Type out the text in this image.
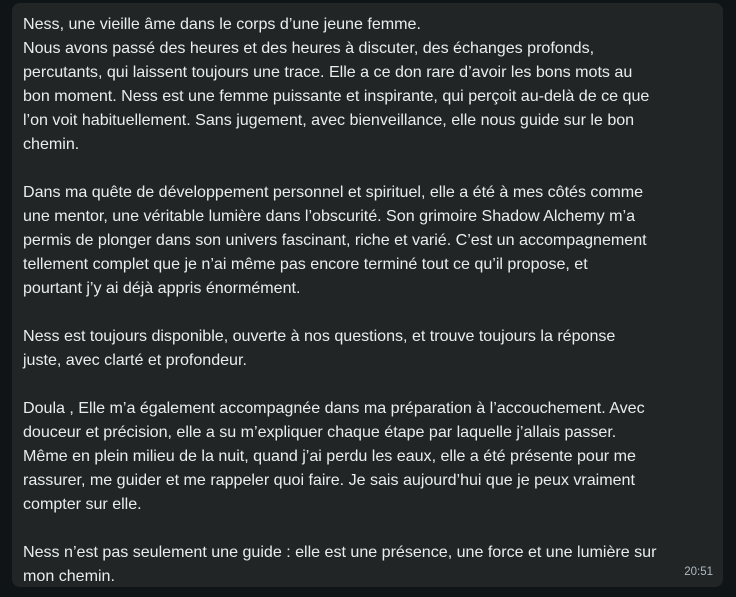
Ness, une vieille âme dans le corps d’une jeune femme.
Nous avons passé des heures et des heures à discuter, des échanges profonds,
percutants, qui laissent toujours une trace. Elle a ce don rare d’avoir les bons mots au
bon moment. Ness est une femme puissante et inspirante, qui perçoit au-delà de ce que
l’on voit habituellement. Sans jugement, avec bienveillance, elle nous guide sur le bon
chemin.
Dans ma quête de développement personnel et spirituel, elle a été à mes côtés comme
une mentor, une véritable lumière dans l’obscurité. Son grimoire Shadow Alchemy m’a
permis de plonger dans son univers fascinant, riche et varié. C’est un accompagnement
tellement complet que je n’ai même pas encore terminé tout ce qu’il propose, et
pourtant j’y ai déjà appris énormément.
Ness est toujours disponible, ouverte à nos questions, et trouve toujours la réponse
juste, avec clarté et profondeur.
Doula , Elle m’a également accompagnée dans ma préparation à l’accouchement. Avec
douceur et précision, elle a su m’expliquer chaque étape par laquelle j’allais passer.
Même en plein milieu de la nuit, quand j’ai perdu les eaux, elle a été présente pour me
rassurer, me guider et me rappeler quoi faire. Je sais aujourd’hui que je peux vraiment
compter sur elle.
Ness n’est pas seulement une guide : elle est une présence, une force et une lumière sur
mon chemin.	20:51
